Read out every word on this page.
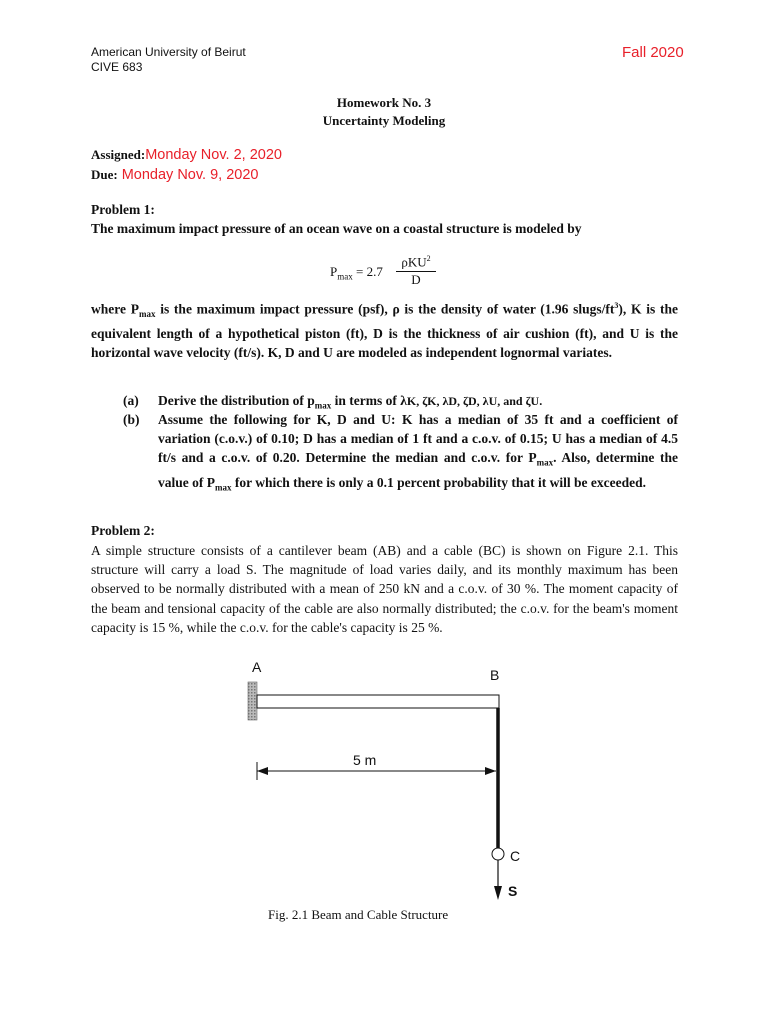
American University of Beirut
CIVE 683
Fall 2020
Homework No. 3
Uncertainty Modeling
Assigned:Monday Nov. 2, 2020
Due: Monday Nov. 9, 2020
Problem 1:
The maximum impact pressure of an ocean wave on a coastal structure is modeled by
$P_{max} = 2.7$
ρKU$^2$
D
where $P_{max}$ is the maximum impact pressure (psf), ρ is the density of water (1.96 slugs/$ft^3$), K is the equivalent length of a hypothetical piston (ft), D is the thickness of air cushion (ft), and U is the horizontal wave velocity (ft/s). K, D and U are modeled as independent lognormal variates.
(a) Derive the distribution of $p_{max}$ in terms of λK, ζK, λD, ζD, λU, and ζU.
(b) Assume the following for K, D and U: K has a median of 35 ft and a coefficient of variation (c.o.v.) of 0.10; D has a median of 1 ft and a c.o.v. of 0.15; U has a median of 4.5 ft/s and a c.o.v. of 0.20. Determine the median and c.o.v. for $P_{max}$. Also, determine the value of $P_{max}$ for which there is only a 0.1 percent probability that it will be exceeded.
Problem 2:
A simple structure consists of a cantilever beam (AB) and a cable (BC) is shown on Figure 2.1. This structure will carry a load S. The magnitude of load varies daily, and its monthly maximum has been observed to be normally distributed with a mean of 250 kN and a c.o.v. of 30 %. The moment capacity of the beam and tensional capacity of the cable are also normally distributed; the c.o.v. for the beam's moment capacity is 15 %, while the c.o.v. for the cable's capacity is 25 %.
A	B
C
S
5 m
Fig. 2.1 Beam and Cable Structure
